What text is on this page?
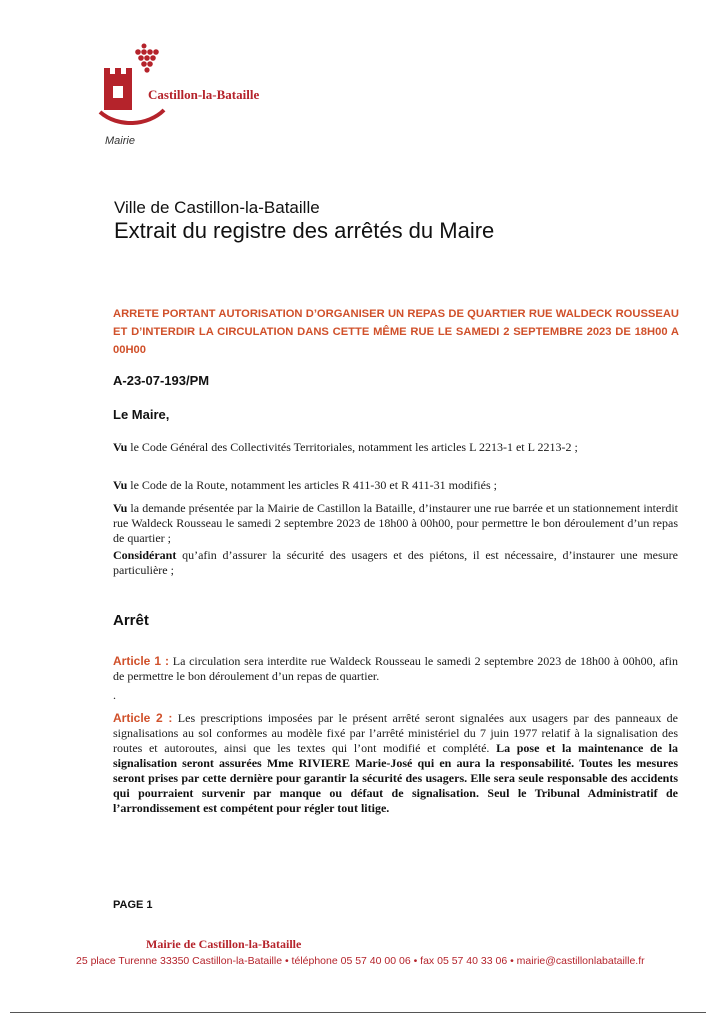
Castillon-la-Bataille
Mairie
Ville de Castillon-la-Bataille
Extrait du registre des arrêtés du Maire
ARRETE PORTANT AUTORISATION D’ORGANISER UN REPAS DE QUARTIER RUE WALDECK ROUSSEAU ET D’INTERDIR LA CIRCULATION DANS CETTE MÊME RUE LE SAMEDI 2 SEPTEMBRE 2023 DE 18H00 A 00H00
A-23-07-193/PM
Le Maire,
Vu le Code Général des Collectivités Territoriales, notamment les articles L 2213-1 et L 2213-2 ;
Vu le Code de la Route, notamment les articles R 411-30 et R 411-31 modifiés ;
Vu la demande présentée par la Mairie de Castillon la Bataille, d’instaurer une rue barrée et un stationnement interdit rue Waldeck Rousseau le samedi 2 septembre 2023 de 18h00 à 00h00, pour permettre le bon déroulement d’un repas de quartier ;
Considérant qu’afin d’assurer la sécurité des usagers et des piétons, il est nécessaire, d’instaurer une mesure particulière ;
Arrêt
Article 1 : La circulation sera interdite rue Waldeck Rousseau le samedi 2 septembre 2023 de 18h00 à 00h00, afin de permettre le bon déroulement d’un repas de quartier.
.
Article 2 : Les prescriptions imposées par le présent arrêté seront signalées aux usagers par des panneaux de signalisations au sol conformes au modèle fixé par l’arrêté ministériel du 7 juin 1977 relatif à la signalisation des routes et autoroutes, ainsi que les textes qui l’ont modifié et complété. La pose et la maintenance de la signalisation seront assurées Mme RIVIERE Marie-José qui en aura la responsabilité. Toutes les mesures seront prises par cette dernière pour garantir la sécurité des usagers. Elle sera seule responsable des accidents qui pourraient survenir par manque ou défaut de signalisation. Seul le Tribunal Administratif de l’arrondissement est compétent pour régler tout litige.
PAGE 1
Mairie de Castillon-la-Bataille
25 place Turenne 33350 Castillon-la-Bataille • téléphone 05 57 40 00 06 • fax 05 57 40 33 06 • mairie@castillonlabataille.fr
